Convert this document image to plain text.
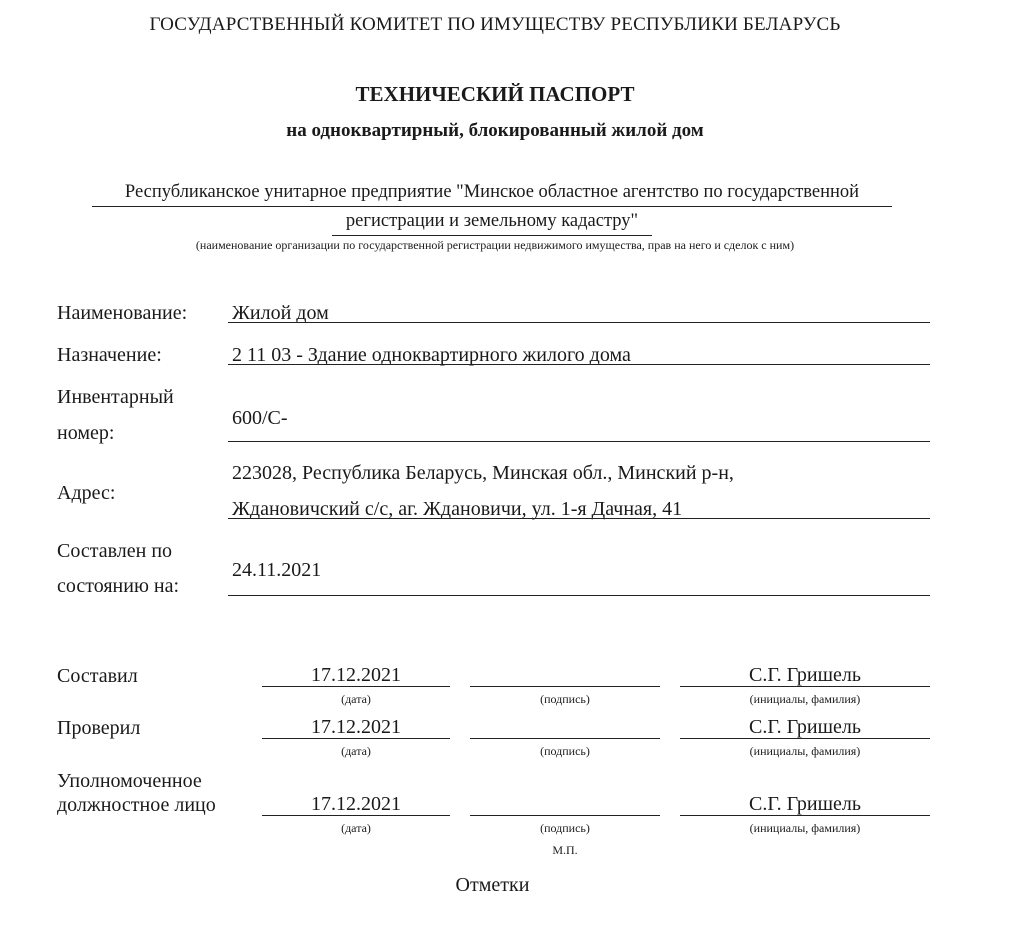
ГОСУДАРСТВЕННЫЙ КОМИТЕТ ПО ИМУЩЕСТВУ РЕСПУБЛИКИ БЕЛАРУСЬ
ТЕХНИЧЕСКИЙ ПАСПОРТ
на одноквартирный, блокированный жилой дом
Республиканское унитарное предприятие "Минское областное агентство по государственной
регистрации и земельному кадастру"
(наименование организации по государственной регистрации недвижимого имущества, прав на него и сделок с ним)
Наименование: Жилой дом
Назначение:	2 11 03 - Здание одноквартирного жилого дома
Инвентарный
номер:
600/C-
Адрес:
223028, Республика Беларусь, Минская обл., Минский р-н,
Ждановичский с/с, аг. Ждановичи, ул. 1-я Дачная, 41
Составлен по
состоянию на:
24.11.2021
Составил	17.12.2021	С.Г. Гришель
(дата)	(подпись)	(инициалы, фамилия)
Проверил	17.12.2021	С.Г. Гришель
(дата)	(подпись)	(инициалы, фамилия)
Уполномоченное
должностное лицо	17.12.2021	С.Г. Гришель
(дата)	(подпись)	(инициалы, фамилия)
М.П.
Отметки
